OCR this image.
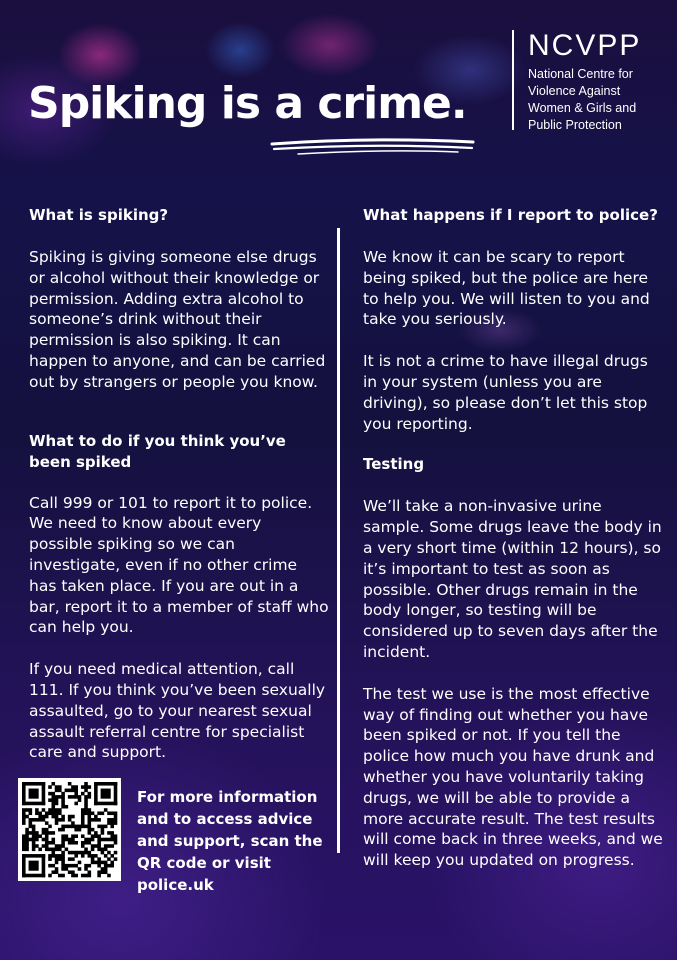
Spiking is a crime.
NCVPP
National Centre for
Violence Against
Women & Girls and
Public Protection
What is spiking?

Spiking is giving someone else drugs or alcohol without their knowledge or permission. Adding extra alcohol to someone’s drink without their permission is also spiking. It can happen to anyone, and can be carried out by strangers or people you know.

What to do if you think you’ve been spiked

Call 999 or 101 to report it to police. We need to know about every possible spiking so we can investigate, even if no other crime has taken place. If you are out in a bar, report it to a member of staff who can help you.

If you need medical attention, call 111. If you think you’ve been sexually assaulted, go to your nearest sexual assault referral centre for specialist care and support.

What happens if I report to police?

We know it can be scary to report being spiked, but the police are here to help you. We will listen to you and take you seriously.

It is not a crime to have illegal drugs in your system (unless you are driving), so please don’t let this stop you reporting.

Testing

We’ll take a non-invasive urine sample. Some drugs leave the body in a very short time (within 12 hours), so it’s important to test as soon as possible. Other drugs remain in the body longer, so testing will be considered up to seven days after the incident.

The test we use is the most effective way of finding out whether you have been spiked or not. If you tell the police how much you have drunk and whether you have voluntarily taking drugs, we will be able to provide a more accurate result. The test results will come back in three weeks, and we will keep you updated on progress.

For more information and to access advice and support, scan the QR code or visit police.uk
